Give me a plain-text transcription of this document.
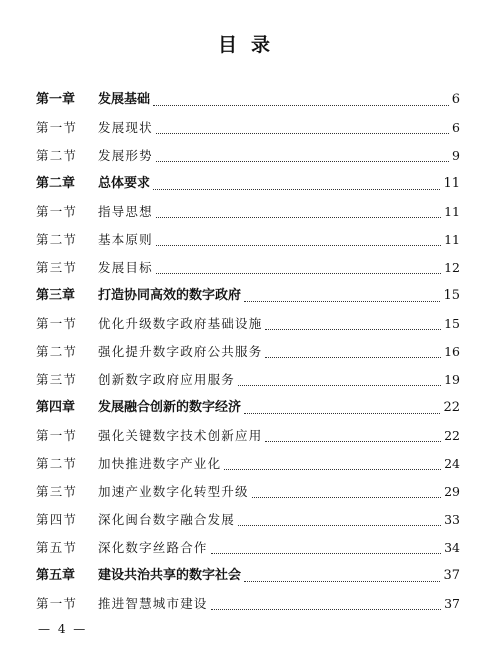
目录
第一章	发展基础	6
第一节	发展现状	6
第二节	发展形势	9
第二章	总体要求	11
第一节	指导思想	11
第二节	基本原则	11
第三节	发展目标	12
第三章	打造协同高效的数字政府	15
第一节	优化升级数字政府基础设施	15
第二节	强化提升数字政府公共服务	16
第三节	创新数字政府应用服务	19
第四章	发展融合创新的数字经济	22
第一节	强化关键数字技术创新应用	22
第二节	加快推进数字产业化	24
第三节	加速产业数字化转型升级	29
第四节	深化闽台数字融合发展	33
第五节	深化数字丝路合作	34
第五章	建设共治共享的数字社会	37
第一节	推进智慧城市建设	37
— 4 —
